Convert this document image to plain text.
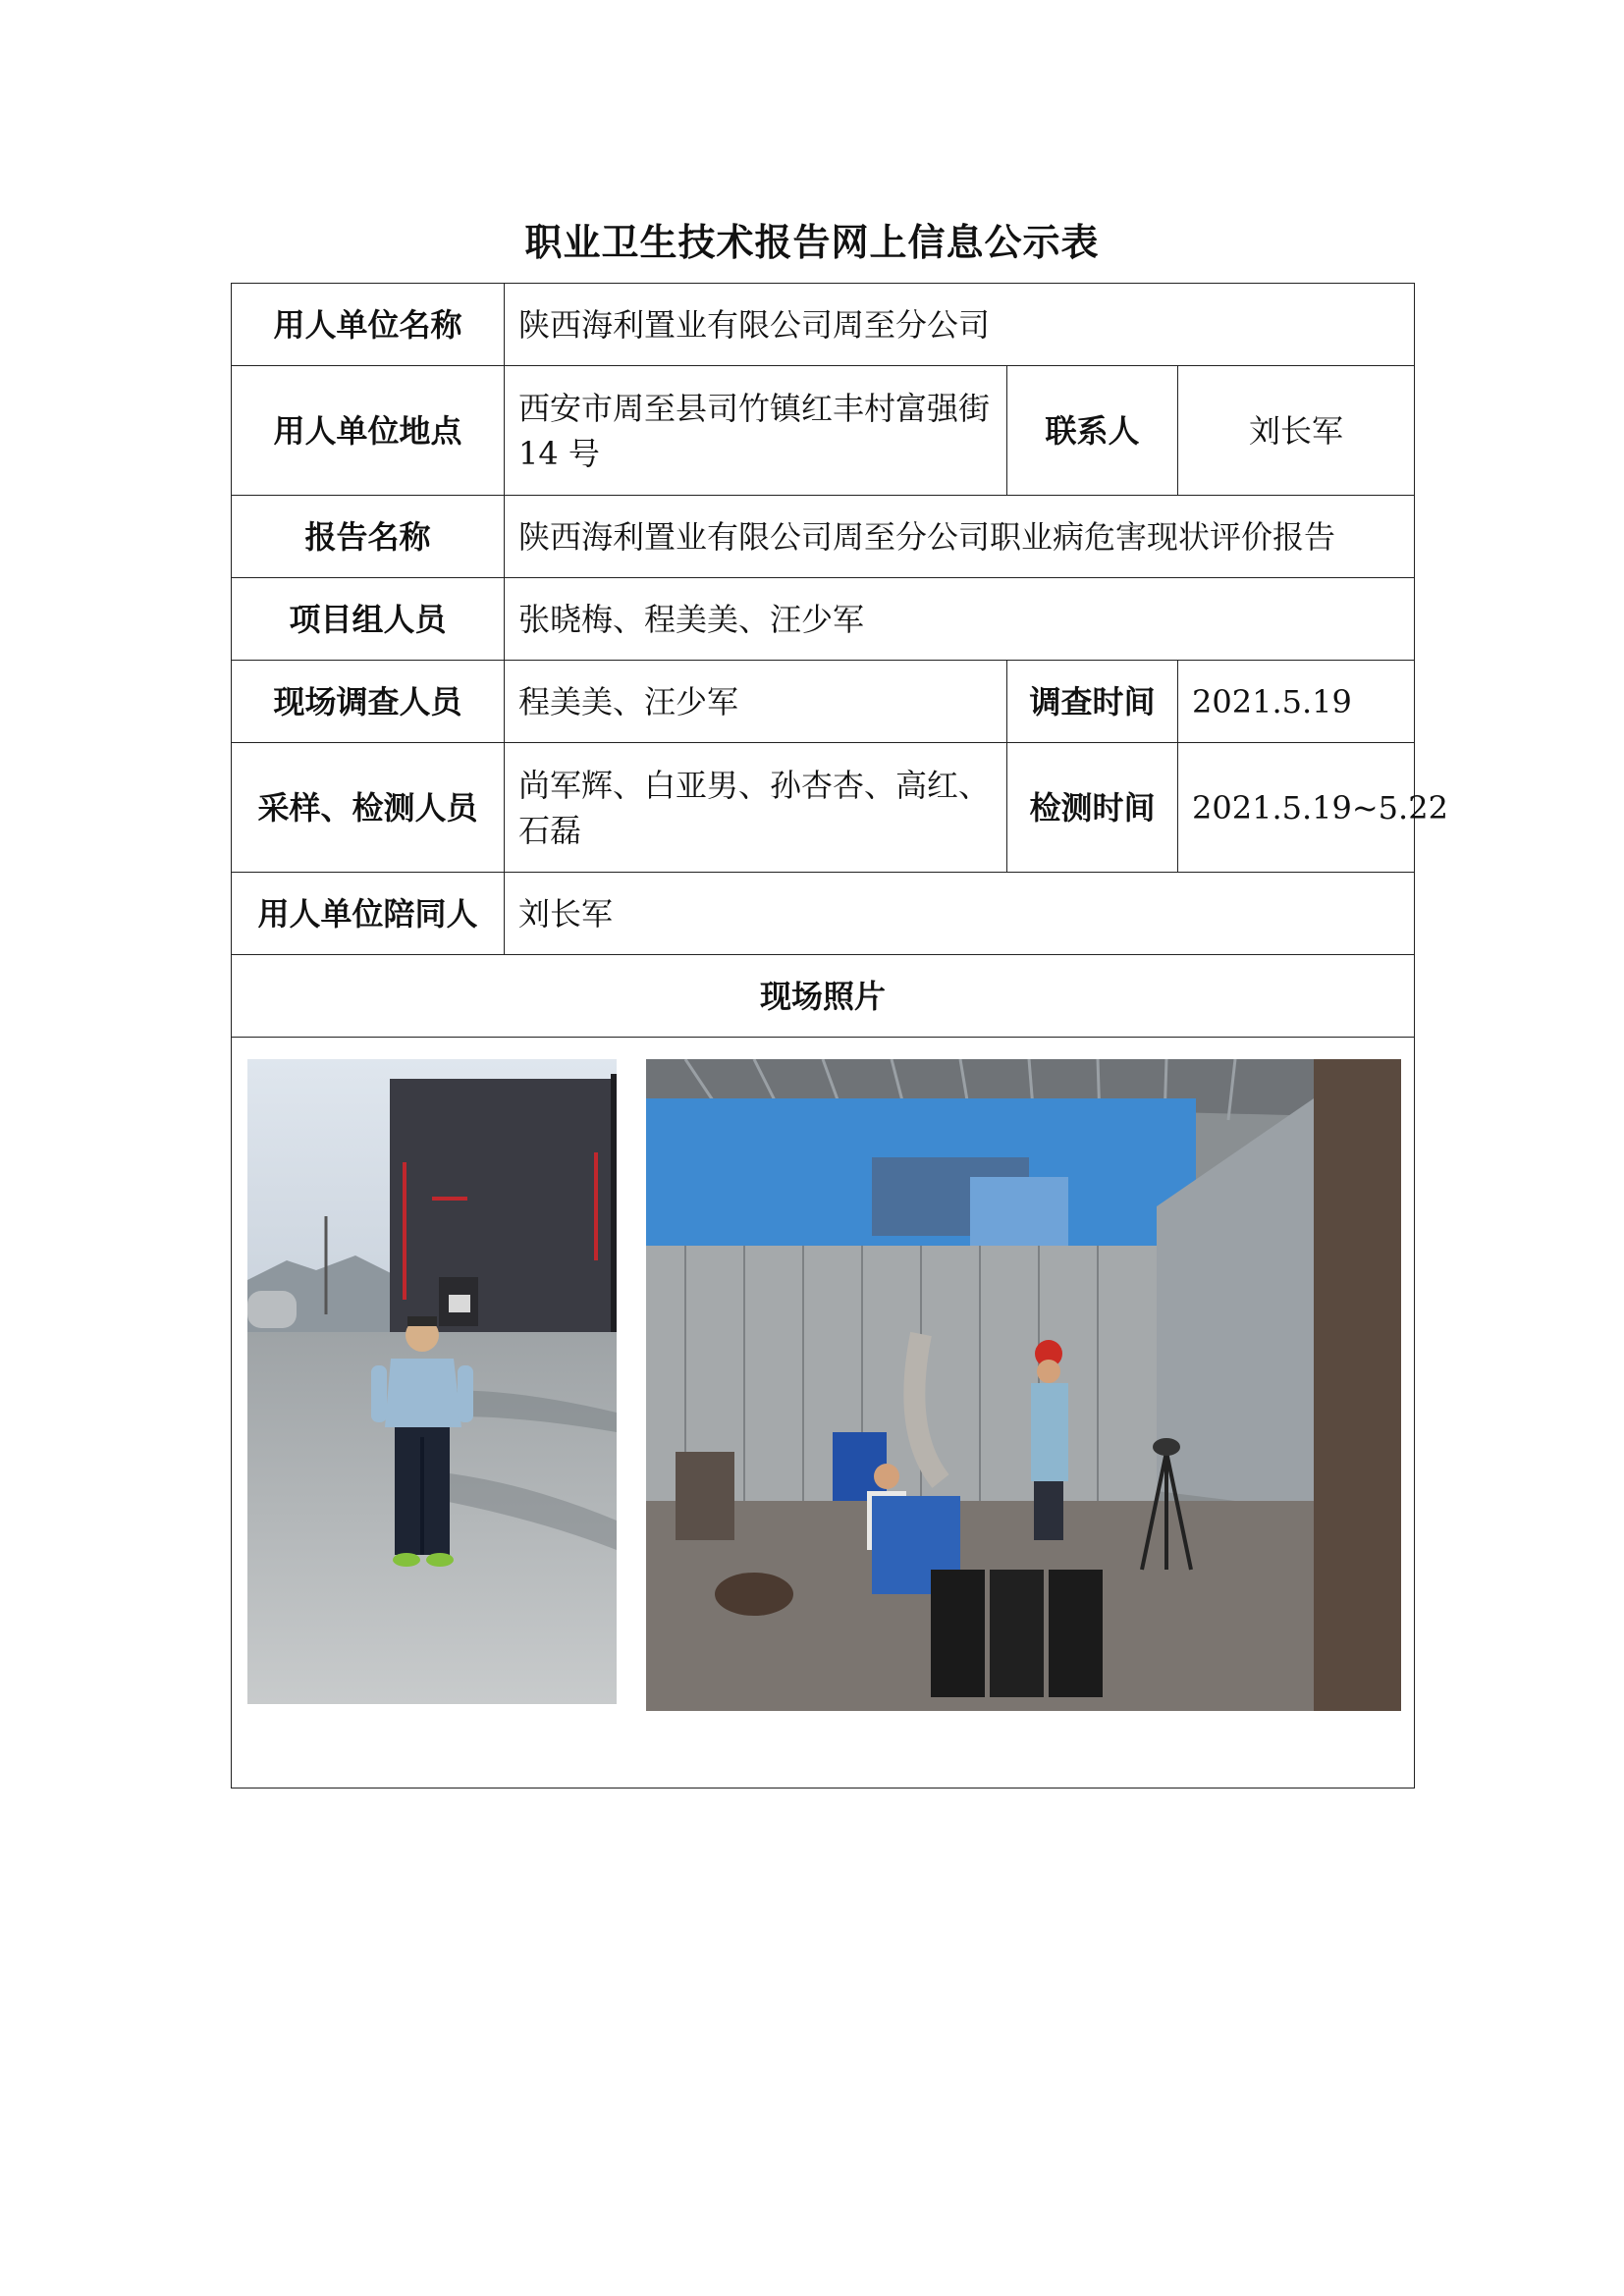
职业卫生技术报告网上信息公示表
用人单位名称	陕西海利置业有限公司周至分公司		
用人单位地点	西安市周至县司竹镇红丰村富强街 14 号	联系人	刘长军
报告名称	陕西海利置业有限公司周至分公司职业病危害现状评价报告		
项目组人员	张晓梅、程美美、汪少军		
现场调查人员	程美美、汪少军	调查时间	2021.5.19
采样、检测人员	尚军辉、白亚男、孙杏杏、高红、石磊	检测时间	2021.5.19~5.22
用人单位陪同人	刘长军		
现场照片			
